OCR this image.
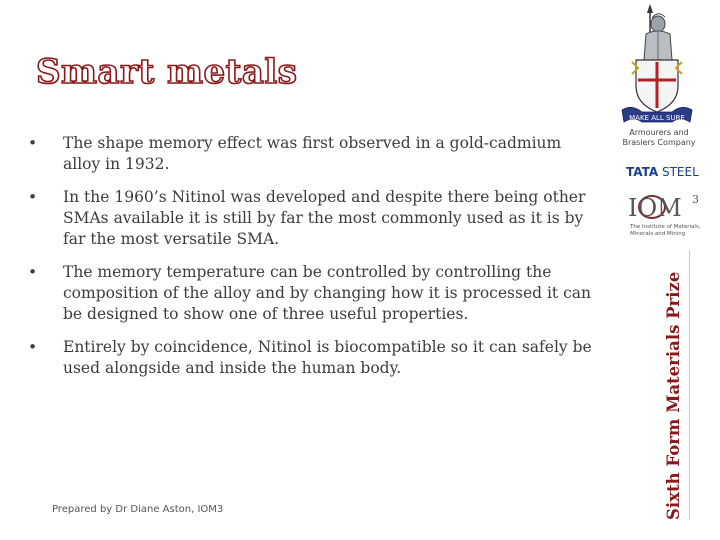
Smart metals
• The shape memory effect was first observed in a gold-cadmium alloy in 1932.
• In the 1960’s Nitinol was developed and despite there being other SMAs available it is still by far the most commonly used as it is by far the most versatile SMA.
• The memory temperature can be controlled by controlling the composition of the alloy and by changing how it is processed it can be designed to show one of three useful properties.
• Entirely by coincidence, Nitinol is biocompatible so it can safely be used alongside and inside the human body.
Prepared by Dr Diane Aston, IOM3
MAKE ALL SURE
Armourers and
Brasiers Company
TATA STEEL
IOM 3
The Institute of Materials, Minerals and Mining
Sixth Form Materials Prize
